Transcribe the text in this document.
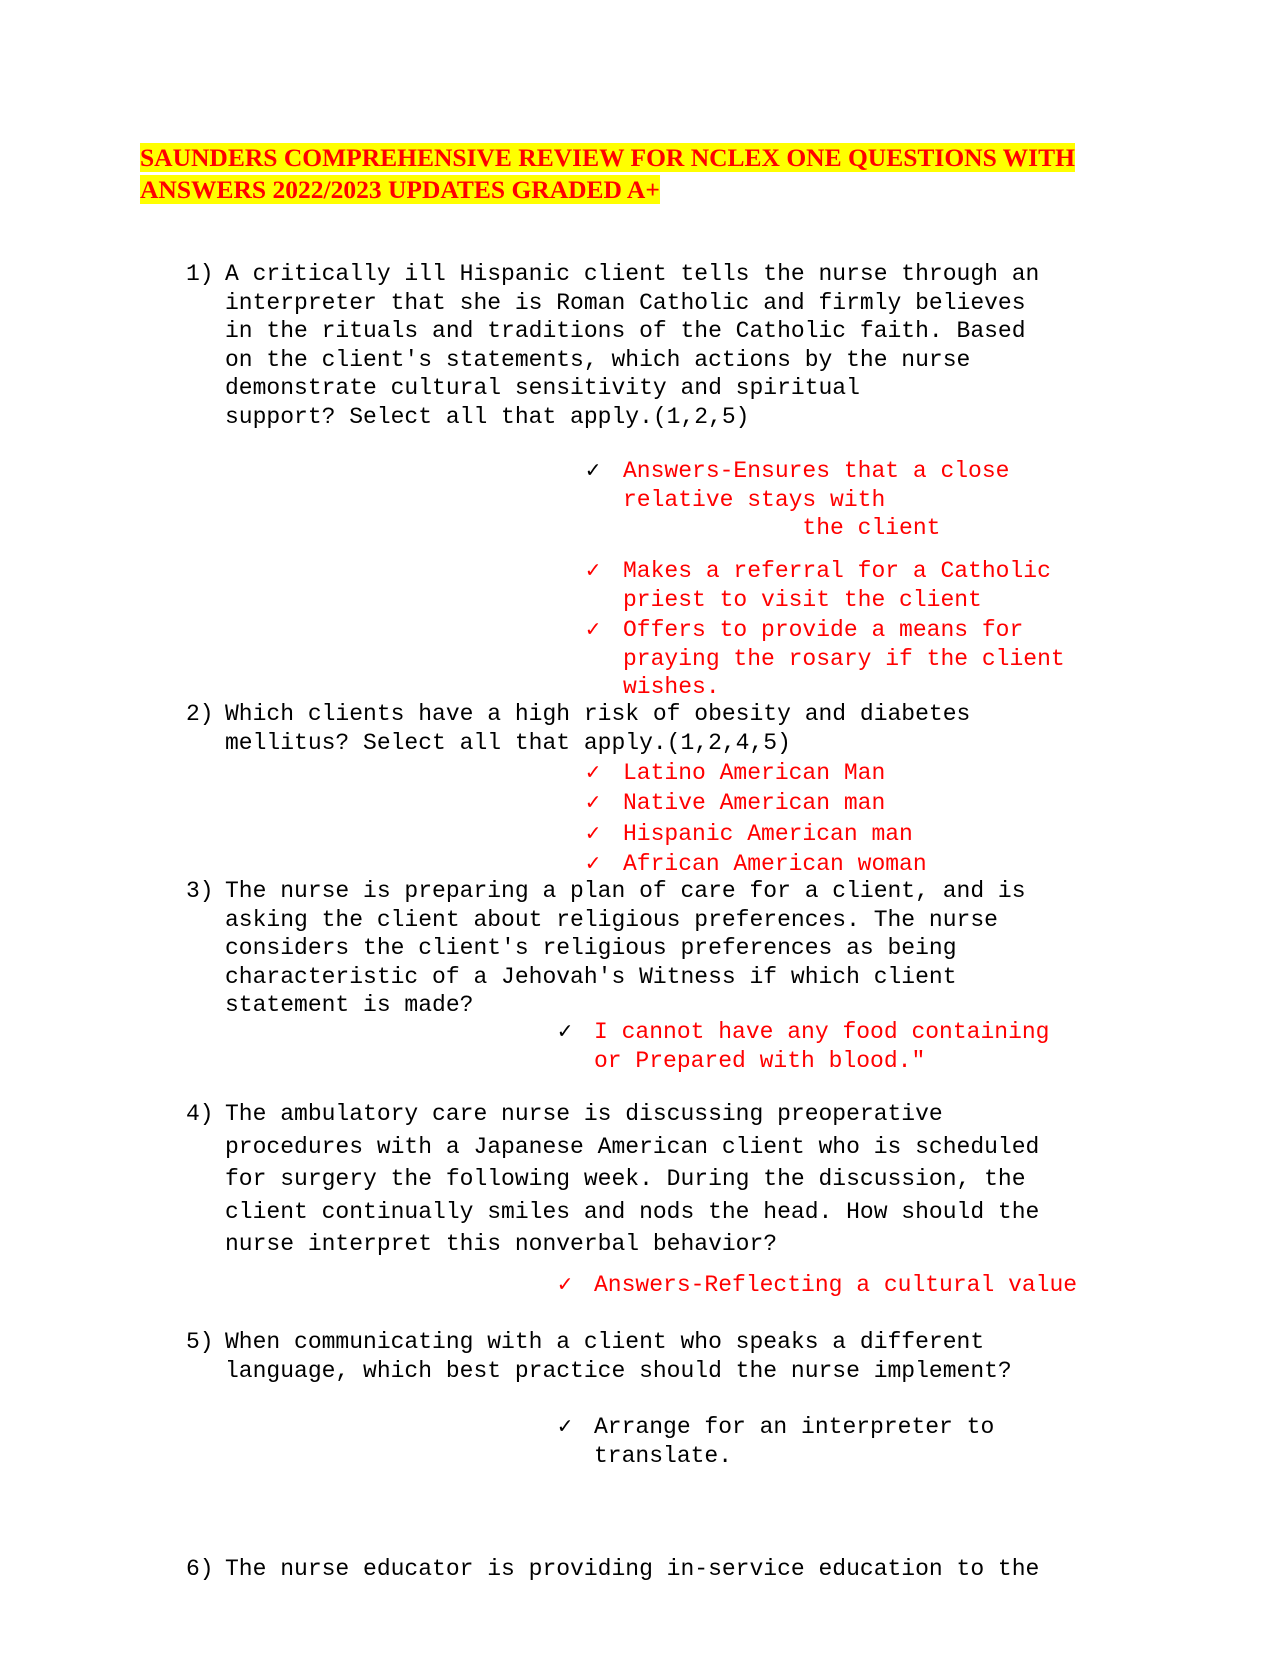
SAUNDERS COMPREHENSIVE REVIEW FOR NCLEX ONE QUESTIONS WITH
ANSWERS 2022/2023 UPDATES GRADED A+
1) A critically ill Hispanic client tells the nurse through an
interpreter that she is Roman Catholic and firmly believes
in the rituals and traditions of the Catholic faith. Based
on the client's statements, which actions by the nurse
demonstrate cultural sensitivity and spiritual
support? Select all that apply.(1,2,5)
✓ Answers-Ensures that a close
relative stays with
the client
✓ Makes a referral for a Catholic
priest to visit the client
✓ Offers to provide a means for
praying the rosary if the client
wishes.
2) Which clients have a high risk of obesity and diabetes
mellitus? Select all that apply.(1,2,4,5)
✓ Latino American Man
✓ Native American man
✓ Hispanic American man
✓ African American woman
3) The nurse is preparing a plan of care for a client, and is
asking the client about religious preferences. The nurse
considers the client's religious preferences as being
characteristic of a Jehovah's Witness if which client
statement is made?
✓ I cannot have any food containing
or Prepared with blood."
4) The ambulatory care nurse is discussing preoperative
procedures with a Japanese American client who is scheduled
for surgery the following week. During the discussion, the
client continually smiles and nods the head. How should the
nurse interpret this nonverbal behavior?
✓ Answers-Reflecting a cultural value
5) When communicating with a client who speaks a different
language, which best practice should the nurse implement?
✓ Arrange for an interpreter to
translate.
6) The nurse educator is providing in-service education to the
